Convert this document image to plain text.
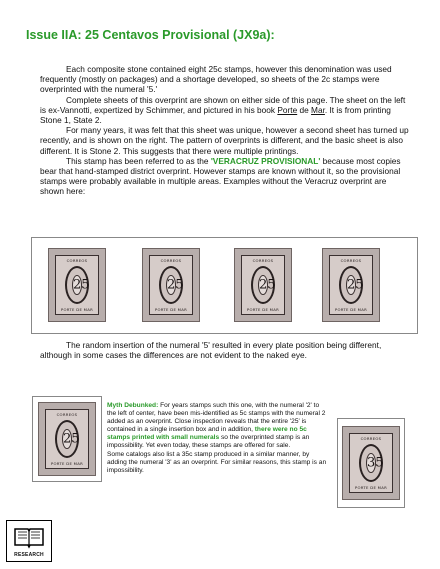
Issue IIA: 25 Centavos Provisional (JX9a):

Each composite stone contained eight 25c stamps, however this denomination was used frequently (mostly on packages) and a shortage developed, so sheets of the 2c stamps were overprinted with the numeral '5.'

Complete sheets of this overprint are shown on either side of this page. The sheet on the left is ex-Vannotti, expertized by Schimmer, and pictured in his book Porte de Mar. It is from printing Stone 1, State 2.

For many years, it was felt that this sheet was unique, however a second sheet has turned up recently, and is shown on the right. The pattern of overprints is different, and the basic sheet is also different. It is Stone 2. This suggests that there were multiple printings.

This stamp has been referred to as the 'VERACRUZ PROVISIONAL' because most copies bear that hand-stamped district overprint. However stamps are known without it, so the provisional stamps were probably available in multiple areas. Examples without the Veracruz overprint are shown here:

CORREOS
25
PORTE DE MAR
CORREOS
25
PORTE DE MAR
CORREOS
25
PORTE DE MAR
CORREOS
25
PORTE DE MAR

The random insertion of the numeral '5' resulted in every plate position being different, although in some cases the differences are not evident to the naked eye.

CORREOS
25
PORTE DE MAR

Myth Debunked: For years stamps such this one, with the numeral '2' to the left of center, have been mis-identified as 5c stamps with the numeral 2 added as an overprint. Close inspection reveals that the entire '25' is contained in a single insertion box and in addition, there were no 5c stamps printed with small numerals so the overprinted stamp is an impossibility. Yet even today, these stamps are offered for sale.

Some catalogs also list a 35c stamp produced in a similar manner, by adding the numeral '3' as an overprint. For similar reasons, this stamp is an impossibility.

CORREOS
35
PORTE DE MAR
RESEARCH
